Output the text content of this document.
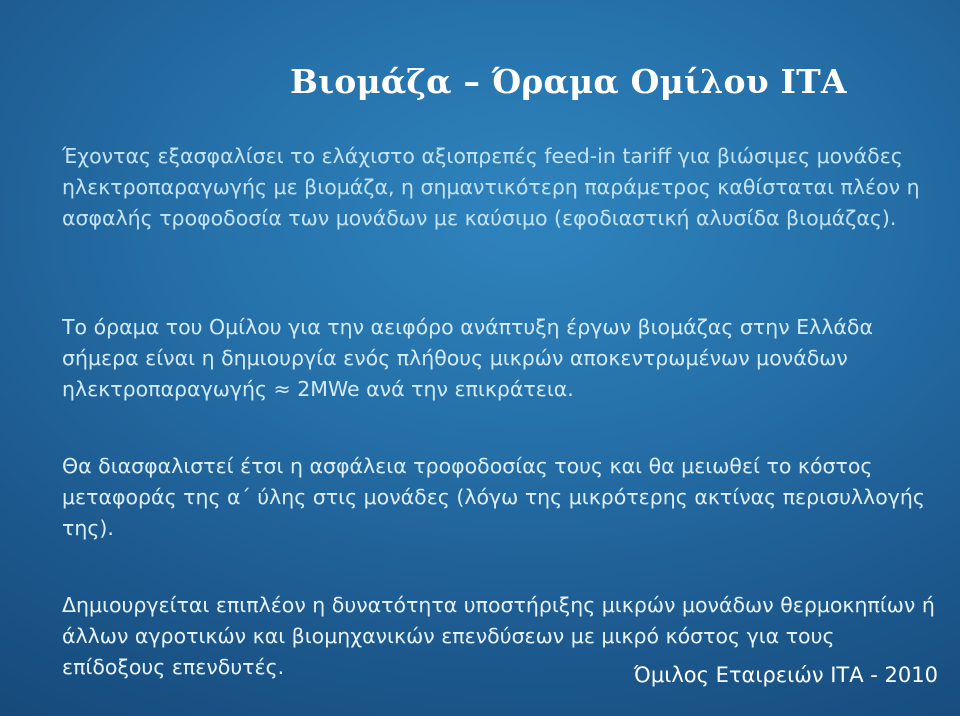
Βιομάζα – Όραμα Ομίλου ΙΤΑ

Έχοντας εξασφαλίσει το ελάχιστο αξιοπρεπές feed-in tariff για βιώσιμες μονάδες ηλεκτροπαραγωγής με βιομάζα, η σημαντικότερη παράμετρος καθίσταται πλέον η ασφαλής τροφοδοσία των μονάδων με καύσιμο (εφοδιαστική αλυσίδα βιομάζας).

Το όραμα του Ομίλου για την αειφόρο ανάπτυξη έργων βιομάζας στην Ελλάδα σήμερα είναι η δημιουργία ενός πλήθους μικρών αποκεντρωμένων μονάδων ηλεκτροπαραγωγής ≈ 2MWe ανά την επικράτεια.

Θα διασφαλιστεί έτσι η ασφάλεια τροφοδοσίας τους και θα μειωθεί το κόστος μεταφοράς της α΄ ύλης στις μονάδες (λόγω της μικρότερης ακτίνας περισυλλογής της).

Δημιουργείται επιπλέον η δυνατότητα υποστήριξης μικρών μονάδων θερμοκηπίων ή άλλων αγροτικών και βιομηχανικών επενδύσεων με μικρό κόστος για τους επίδοξους επενδυτές.	Όμιλος Εταιρειών ΙΤΑ - 2010
